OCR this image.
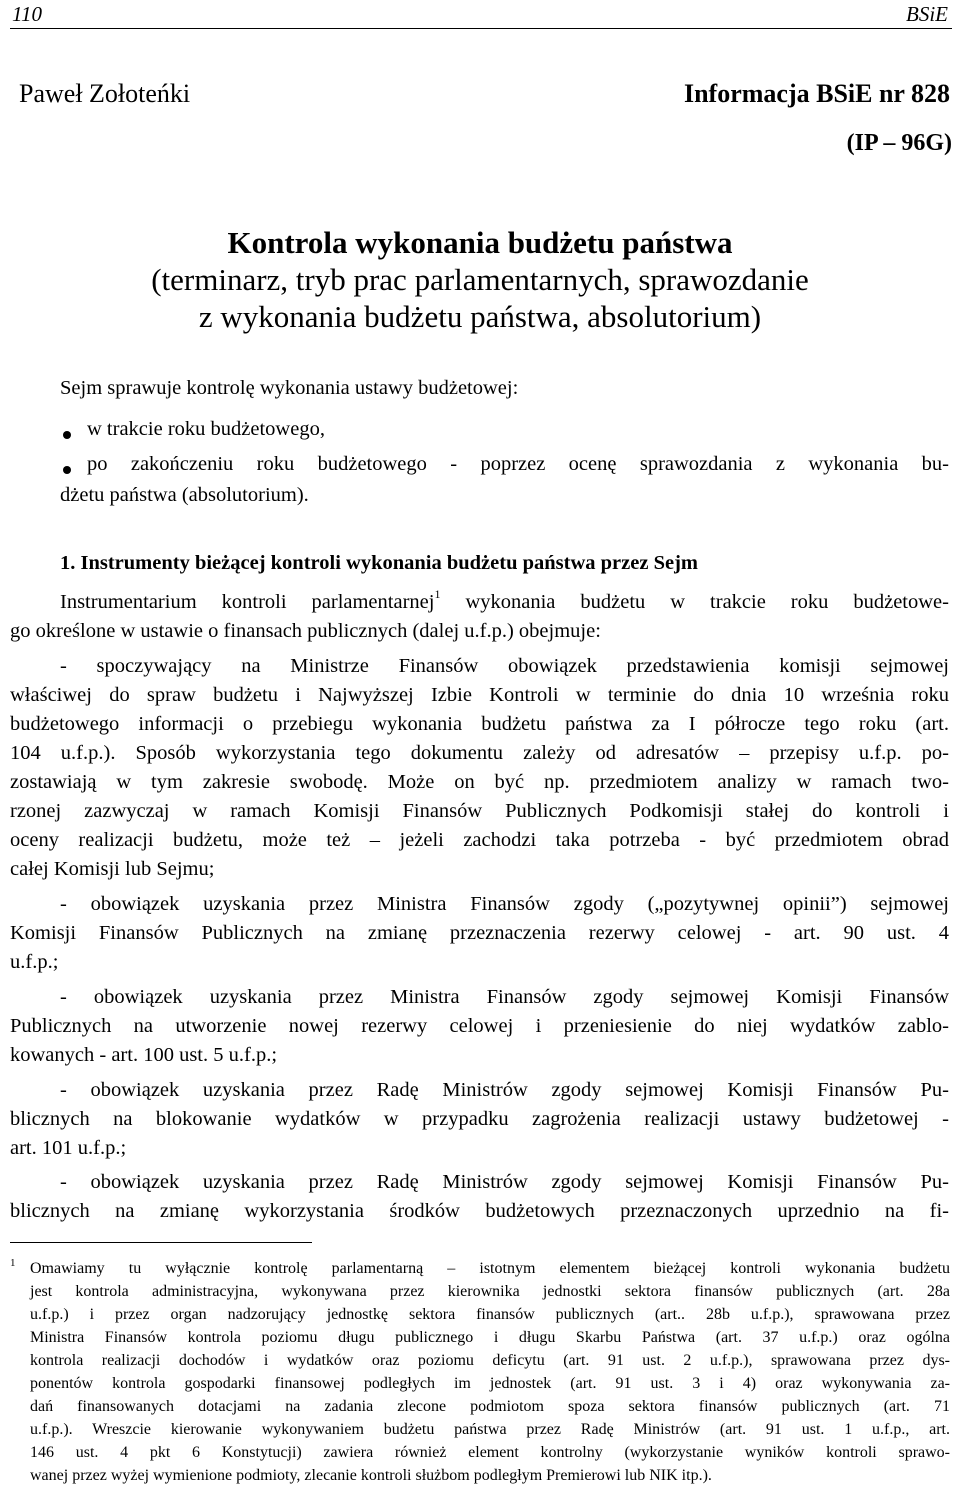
110	BSiE
Paweł Zołoteńki	Informacja BSiE nr 828
(IP – 96G)
Kontrola wykonania budżetu państwa
(terminarz, tryb prac parlamentarnych, sprawozdanie
z wykonania budżetu państwa, absolutorium)
Sejm sprawuje kontrolę wykonania ustawy budżetowej:
w trakcie roku budżetowego,
po zakończeniu roku budżetowego - poprzez ocenę sprawozdania z wykonania bu-
dżetu państwa (absolutorium).
1. Instrumenty bieżącej kontroli wykonania budżetu państwa przez Sejm
Instrumentarium kontroli parlamentarnej$^1$ wykonania budżetu w trakcie roku budżetowe-
go określone w ustawie o finansach publicznych (dalej u.f.p.) obejmuje:
- spoczywający na Ministrze Finansów obowiązek przedstawienia komisji sejmowej
właściwej do spraw budżetu i Najwyższej Izbie Kontroli w terminie do dnia 10 września roku
budżetowego informacji o przebiegu wykonania budżetu państwa za I półrocze tego roku (art.
104 u.f.p.). Sposób wykorzystania tego dokumentu zależy od adresatów – przepisy u.f.p. po-
zostawiają w tym zakresie swobodę. Może on być np. przedmiotem analizy w ramach two-
rzonej zazwyczaj w ramach Komisji Finansów Publicznych Podkomisji stałej do kontroli i
oceny realizacji budżetu, może też – jeżeli zachodzi taka potrzeba - być przedmiotem obrad
całej Komisji lub Sejmu;
- obowiązek uzyskania przez Ministra Finansów zgody („pozytywnej opinii”) sejmowej
Komisji Finansów Publicznych na zmianę przeznaczenia rezerwy celowej - art. 90 ust. 4
u.f.p.;
- obowiązek uzyskania przez Ministra Finansów zgody sejmowej Komisji Finansów
Publicznych na utworzenie nowej rezerwy celowej i przeniesienie do niej wydatków zablo-
kowanych - art. 100 ust. 5 u.f.p.;
- obowiązek uzyskania przez Radę Ministrów zgody sejmowej Komisji Finansów Pu-
blicznych na blokowanie wydatków w przypadku zagrożenia realizacji ustawy budżetowej -
art. 101 u.f.p.;
- obowiązek uzyskania przez Radę Ministrów zgody sejmowej Komisji Finansów Pu-
blicznych na zmianę wykorzystania środków budżetowych przeznaczonych uprzednio na fi-
1 Omawiamy tu wyłącznie kontrolę parlamentarną – istotnym elementem bieżącej kontroli wykonania budżetu
jest kontrola administracyjna, wykonywana przez kierownika jednostki sektora finansów publicznych (art. 28a
u.f.p.) i przez organ nadzorujący jednostkę sektora finansów publicznych (art.. 28b u.f.p.), sprawowana przez
Ministra Finansów kontrola poziomu długu publicznego i długu Skarbu Państwa (art. 37 u.f.p.) oraz ogólna
kontrola realizacji dochodów i wydatków oraz poziomu deficytu (art. 91 ust. 2 u.f.p.), sprawowana przez dys-
ponentów kontrola gospodarki finansowej podległych im jednostek (art. 91 ust. 3 i 4) oraz wykonywania za-
dań finansowanych dotacjami na zadania zlecone podmiotom spoza sektora finansów publicznych (art. 71
u.f.p.). Wreszcie kierowanie wykonywaniem budżetu państwa przez Radę Ministrów (art. 91 ust. 1 u.f.p., art.
146 ust. 4 pkt 6 Konstytucji) zawiera również element kontrolny (wykorzystanie wyników kontroli sprawo-
wanej przez wyżej wymienione podmioty, zlecanie kontroli służbom podległym Premierowi lub NIK itp.).
